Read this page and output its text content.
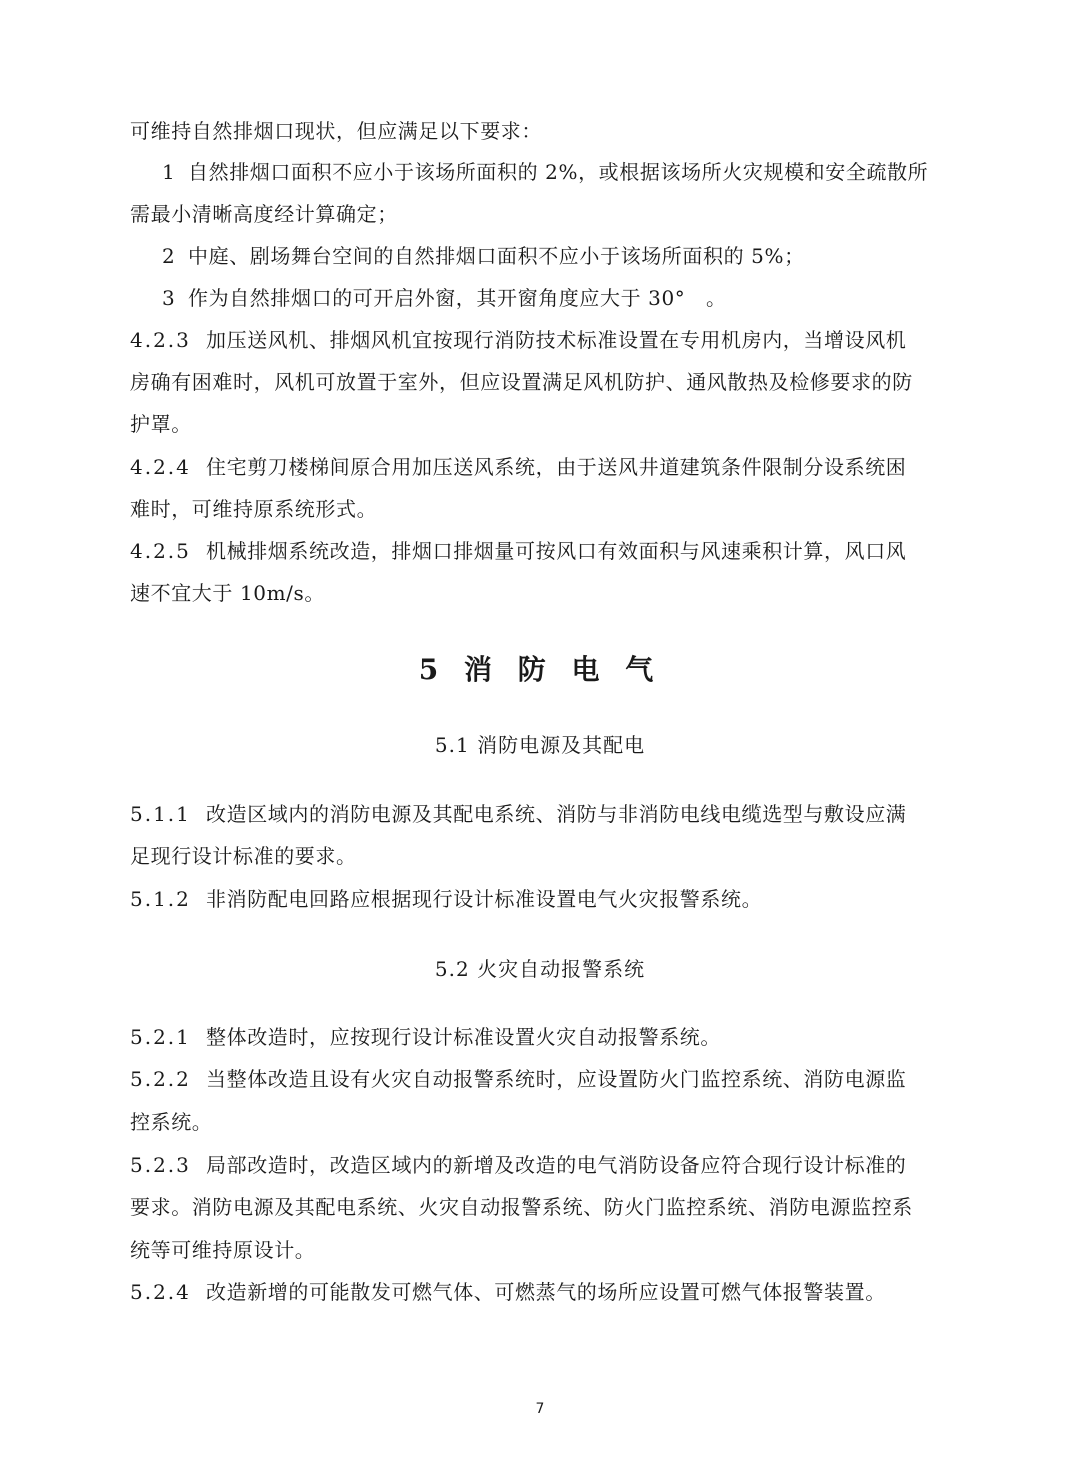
可维持自然排烟口现状，但应满足以下要求：
1 自然排烟口面积不应小于该场所面积的 2%，或根据该场所火灾规模和安全疏散所
需最小清晰高度经计算确定；
2 中庭、剧场舞台空间的自然排烟口面积不应小于该场所面积的 5%；
3 作为自然排烟口的可开启外窗，其开窗角度应大于 30°　。
4.2.3 加压送风机、排烟风机宜按现行消防技术标准设置在专用机房内，当增设风机
房确有困难时，风机可放置于室外，但应设置满足风机防护、通风散热及检修要求的防
护罩。
4.2.4 住宅剪刀楼梯间原合用加压送风系统，由于送风井道建筑条件限制分设系统困
难时，可维持原系统形式。
4.2.5 机械排烟系统改造，排烟口排烟量可按风口有效面积与风速乘积计算，风口风
速不宜大于 10m/s。
5 消 防 电 气
5.1 消防电源及其配电
5.1.1 改造区域内的消防电源及其配电系统、消防与非消防电线电缆选型与敷设应满
足现行设计标准的要求。
5.1.2 非消防配电回路应根据现行设计标准设置电气火灾报警系统。
5.2 火灾自动报警系统
5.2.1 整体改造时，应按现行设计标准设置火灾自动报警系统。
5.2.2 当整体改造且设有火灾自动报警系统时，应设置防火门监控系统、消防电源监
控系统。
5.2.3 局部改造时，改造区域内的新增及改造的电气消防设备应符合现行设计标准的
要求。消防电源及其配电系统、火灾自动报警系统、防火门监控系统、消防电源监控系
统等可维持原设计。
5.2.4 改造新增的可能散发可燃气体、可燃蒸气的场所应设置可燃气体报警装置。
7
